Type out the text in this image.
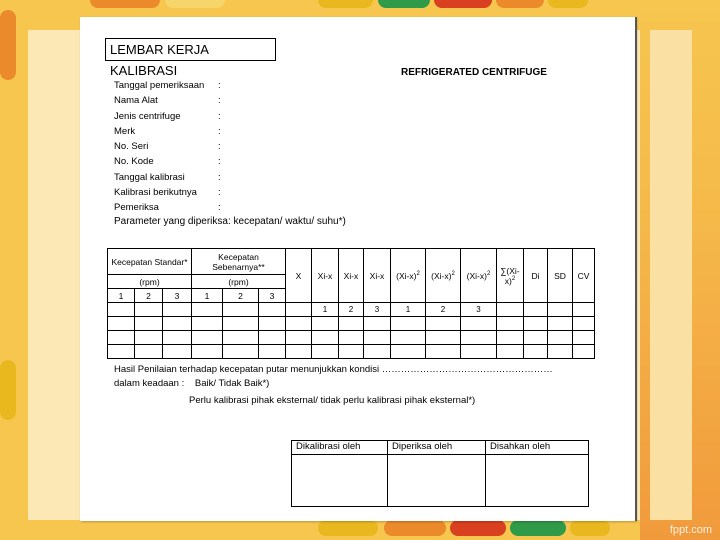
fppt.com
LEMBAR KERJA KALIBRASI	REFRIGERATED CENTRIFUGE
Tanggal pemeriksaan :
Nama Alat	:
Jenis centrifuge	:
Merk	:
No. Seri	:
No. Kode	:
Tanggal kalibrasi	:
Kalibrasi berikutnya :
Pemeriksa	:
Parameter yang diperiksa: kecepatan/ waktu/ suhu*)
Kecepatan Standar*			Kecepatan Sebenarnya**			X	Xi-x	Xi-x	Xi-x	$(Xi-x)^2$	$(Xi-x)^2$	$(Xi-x)^2$	$\sum(Xi-x)^2$	Di	SD	CV
(rpm)			(rpm)													
1	2	3	1	2	3											
							1	2	3	1	2	3				

Hasil Penilaian terhadap kecepatan putar menunjukkan kondisi ………………………………………………
dalam keadaan : Baik/ Tidak Baik*)
Perlu kalibrasi pihak eksternal/ tidak perlu kalibrasi pihak eksternal*)
Dikalibrasi oleh	Diperiksa oleh	Disahkan oleh
